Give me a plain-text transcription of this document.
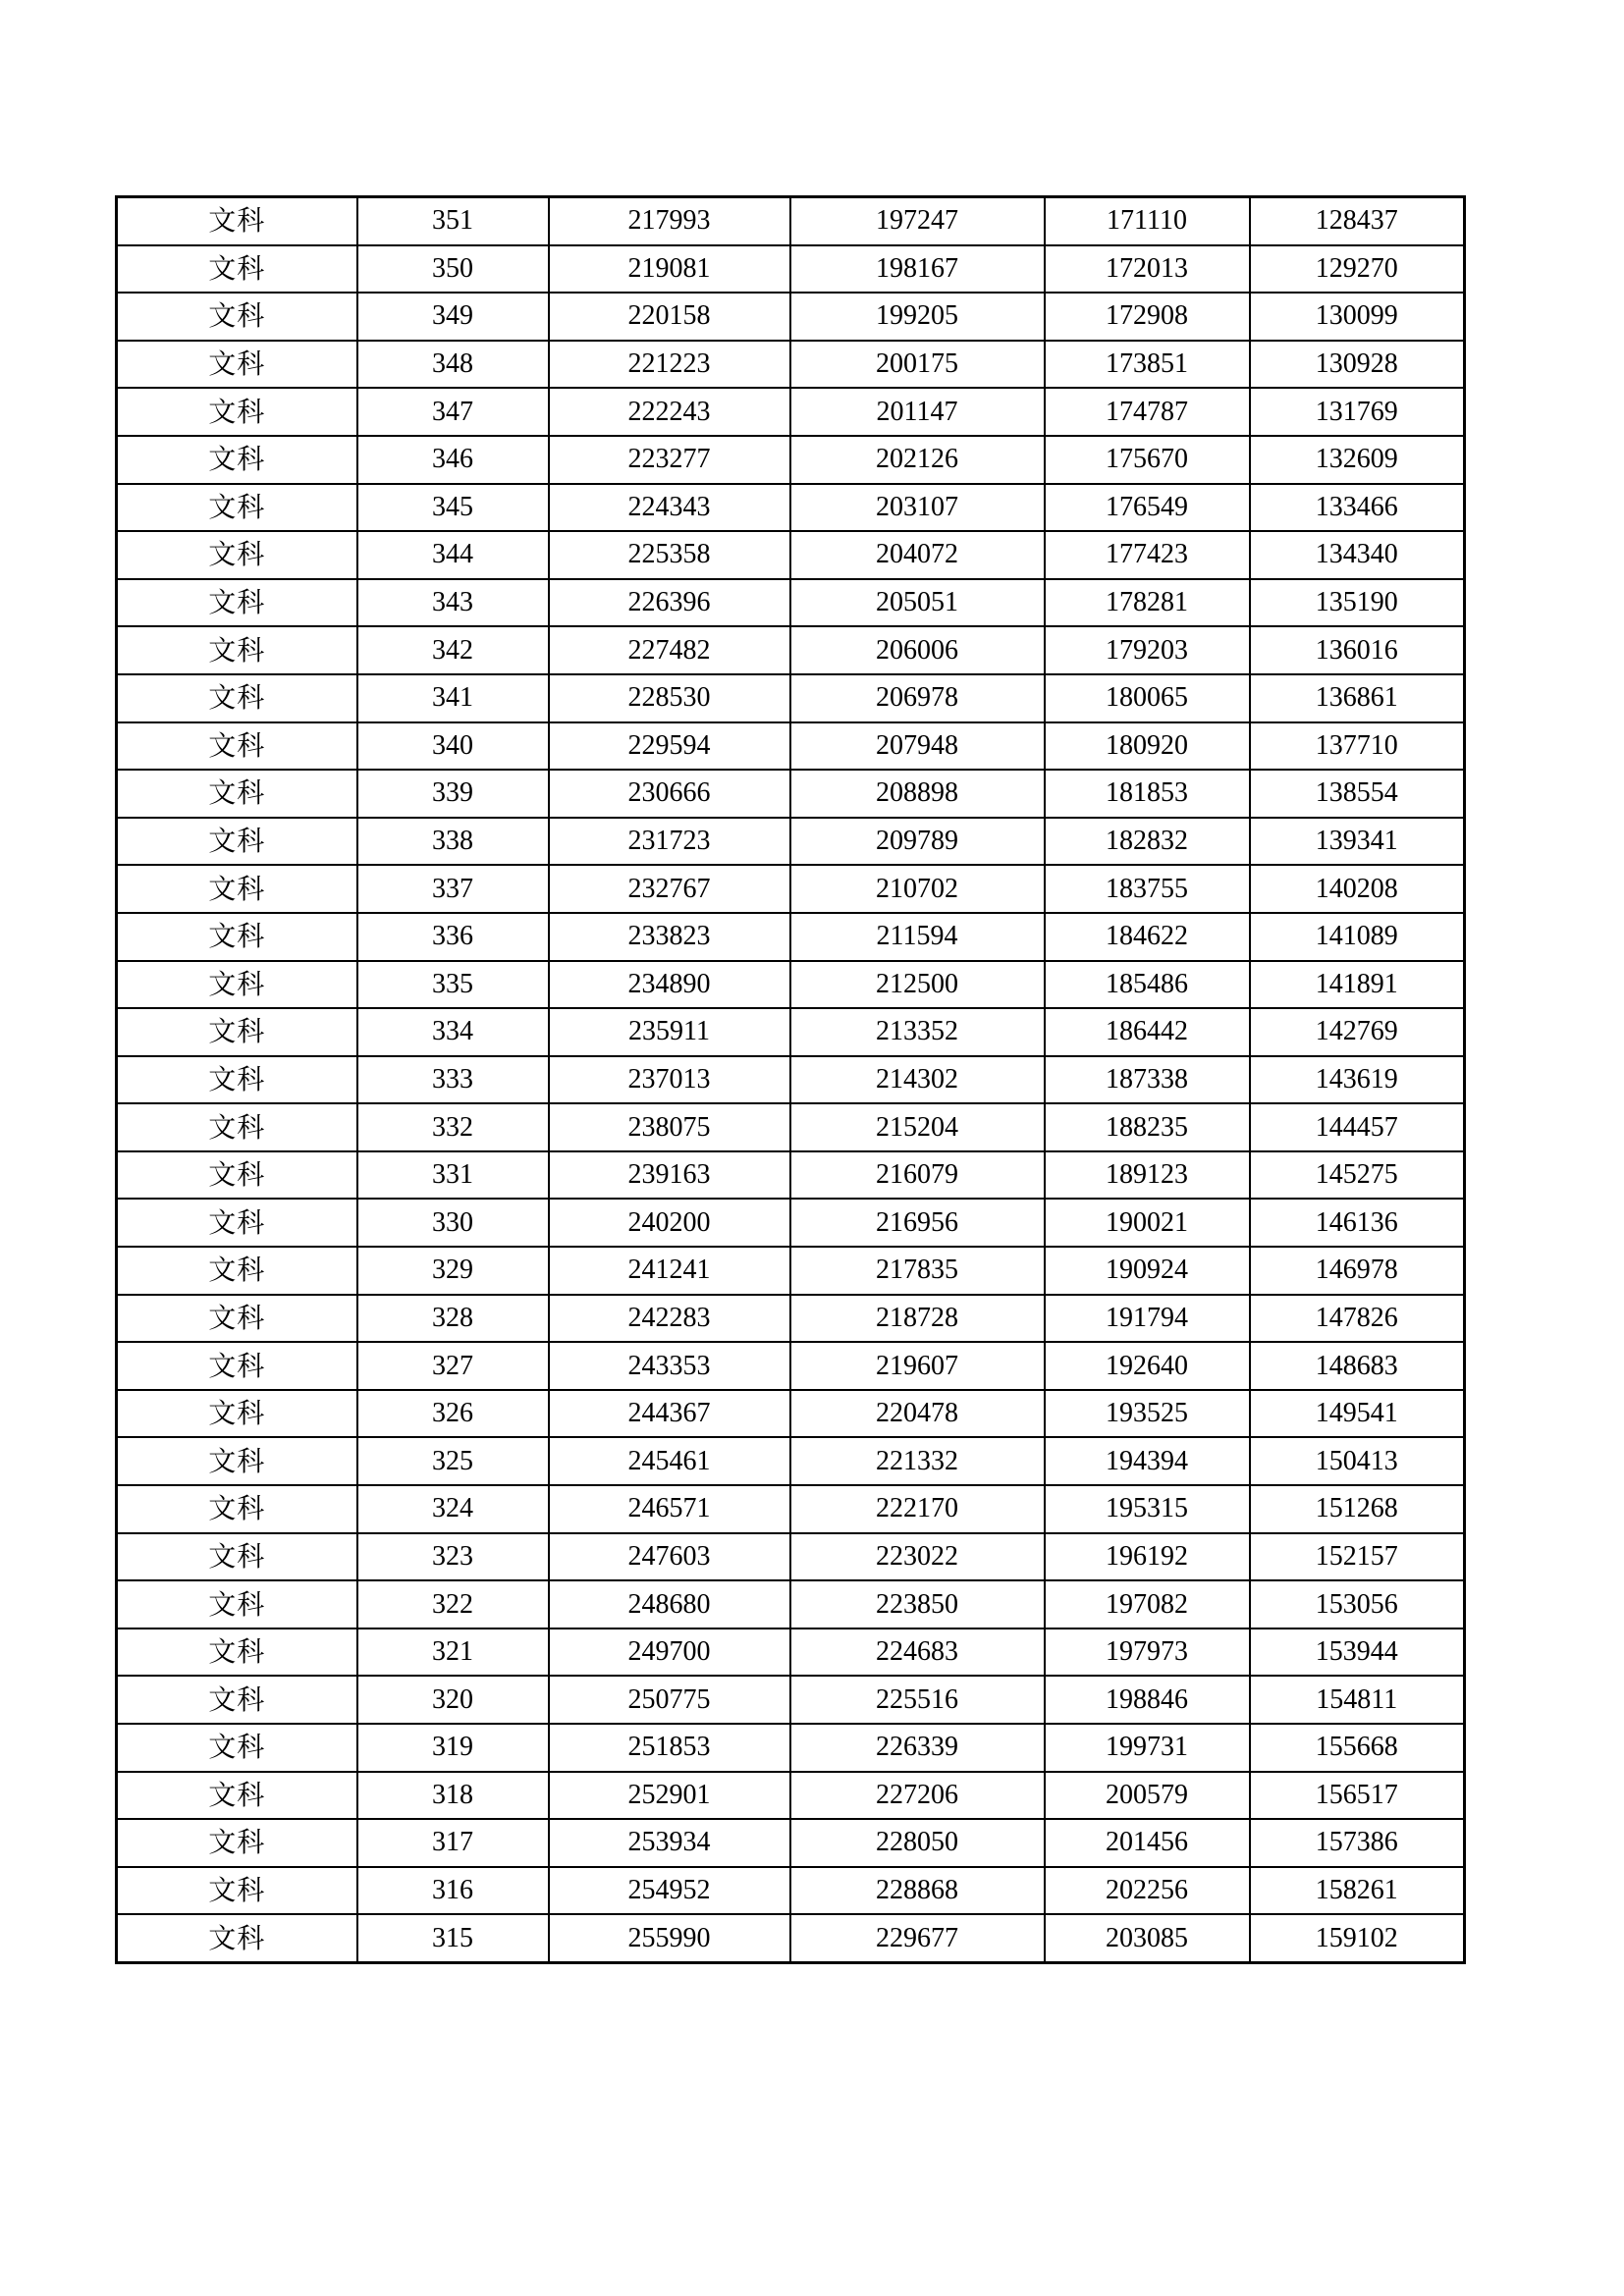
文科	351	217993	197247	171110	128437
文科	350	219081	198167	172013	129270
文科	349	220158	199205	172908	130099
文科	348	221223	200175	173851	130928
文科	347	222243	201147	174787	131769
文科	346	223277	202126	175670	132609
文科	345	224343	203107	176549	133466
文科	344	225358	204072	177423	134340
文科	343	226396	205051	178281	135190
文科	342	227482	206006	179203	136016
文科	341	228530	206978	180065	136861
文科	340	229594	207948	180920	137710
文科	339	230666	208898	181853	138554
文科	338	231723	209789	182832	139341
文科	337	232767	210702	183755	140208
文科	336	233823	211594	184622	141089
文科	335	234890	212500	185486	141891
文科	334	235911	213352	186442	142769
文科	333	237013	214302	187338	143619
文科	332	238075	215204	188235	144457
文科	331	239163	216079	189123	145275
文科	330	240200	216956	190021	146136
文科	329	241241	217835	190924	146978
文科	328	242283	218728	191794	147826
文科	327	243353	219607	192640	148683
文科	326	244367	220478	193525	149541
文科	325	245461	221332	194394	150413
文科	324	246571	222170	195315	151268
文科	323	247603	223022	196192	152157
文科	322	248680	223850	197082	153056
文科	321	249700	224683	197973	153944
文科	320	250775	225516	198846	154811
文科	319	251853	226339	199731	155668
文科	318	252901	227206	200579	156517
文科	317	253934	228050	201456	157386
文科	316	254952	228868	202256	158261
文科	315	255990	229677	203085	159102
